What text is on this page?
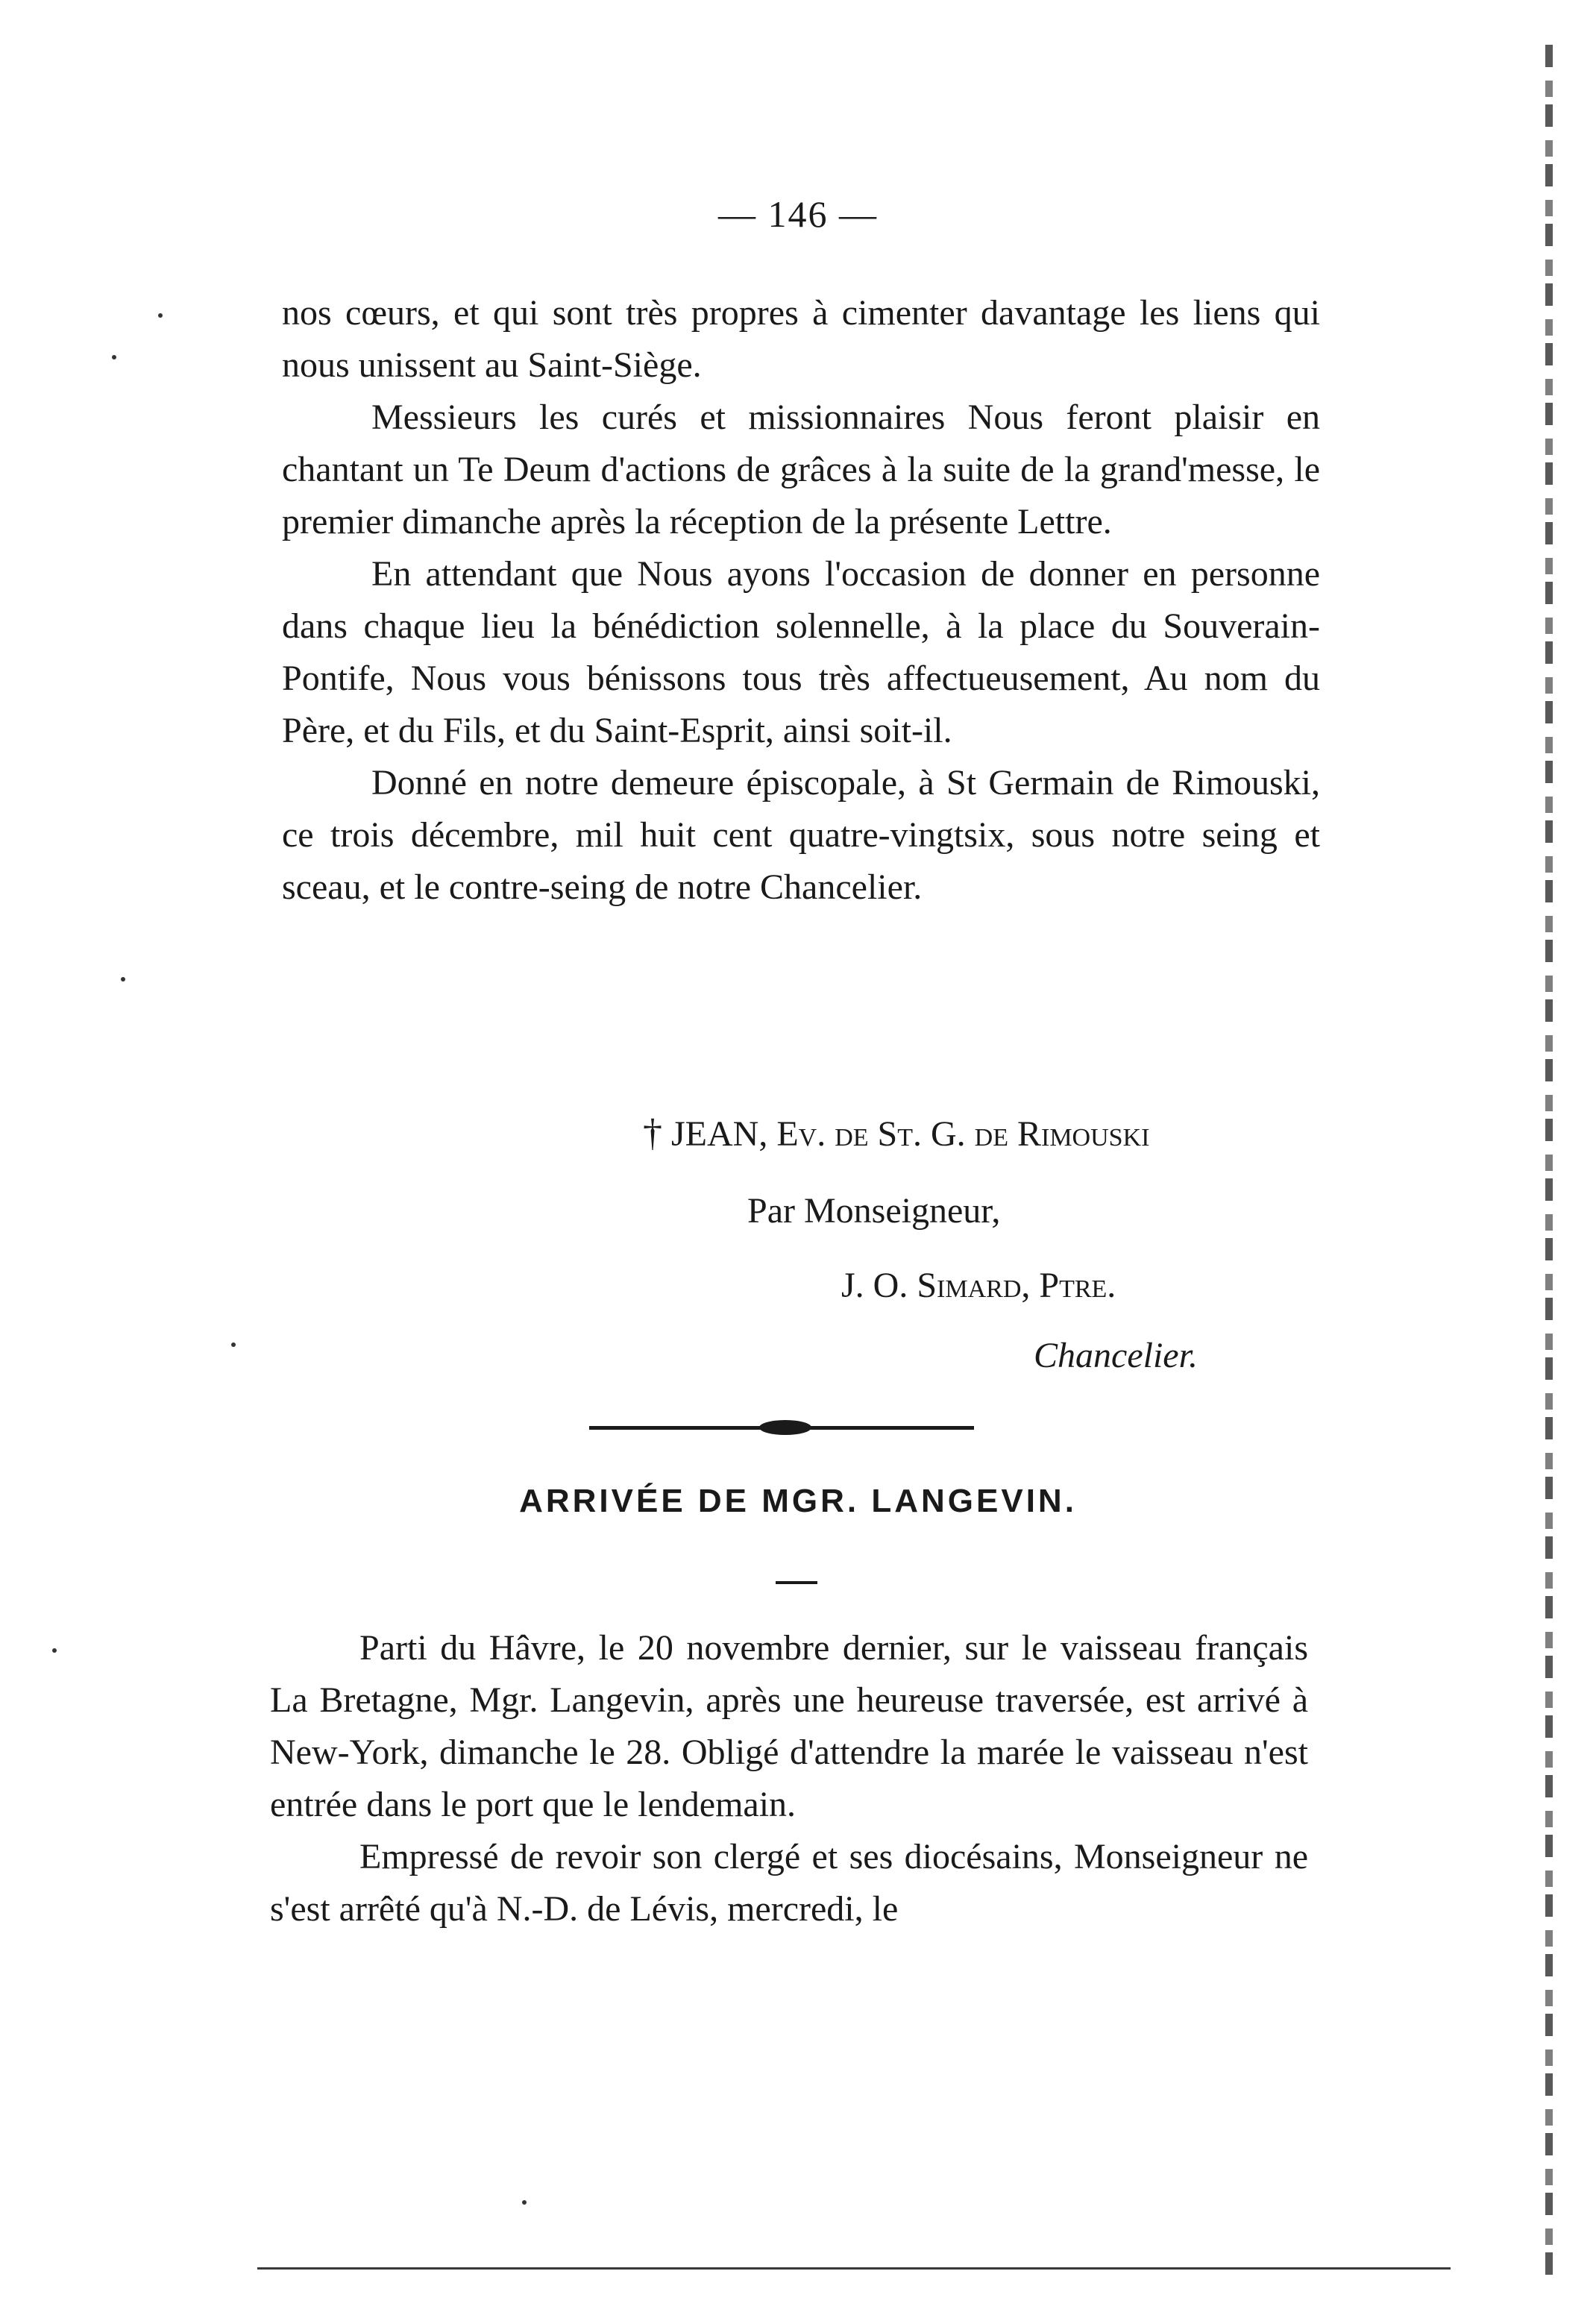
— 146 —

nos cœurs, et qui sont très propres à cimenter davantage les liens qui nous unissent au Saint-Siège.

Messieurs les curés et missionnaires Nous feront plaisir en chantant un Te Deum d'actions de grâces à la suite de la grand'messe, le premier dimanche après la réception de la présente Lettre.

En attendant que Nous ayons l'occasion de donner en personne dans chaque lieu la bénédiction solennelle, à la place du Souverain-Pontife, Nous vous bénissons tous très affectueusement, Au nom du Père, et du Fils, et du Saint-Esprit, ainsi soit-il.

Donné en notre demeure épiscopale, à St Germain de Rimouski, ce trois décembre, mil huit cent quatre-vingtsix, sous notre seing et sceau, et le contre-seing de notre Chancelier.

† JEAN, Ev. de St. G. de Rimouski
Par Monseigneur,
J. O. Simard, Ptre.
Chancelier.
ARRIVÉE DE MGR. LANGEVIN.

Parti du Hâvre, le 20 novembre dernier, sur le vaisseau français La Bretagne, Mgr. Langevin, après une heureuse traversée, est arrivé à New-York, dimanche le 28. Obligé d'attendre la marée le vaisseau n'est entrée dans le port que le lendemain.

Empressé de revoir son clergé et ses diocésains, Monseigneur ne s'est arrêté qu'à N.-D. de Lévis, mercredi, le
